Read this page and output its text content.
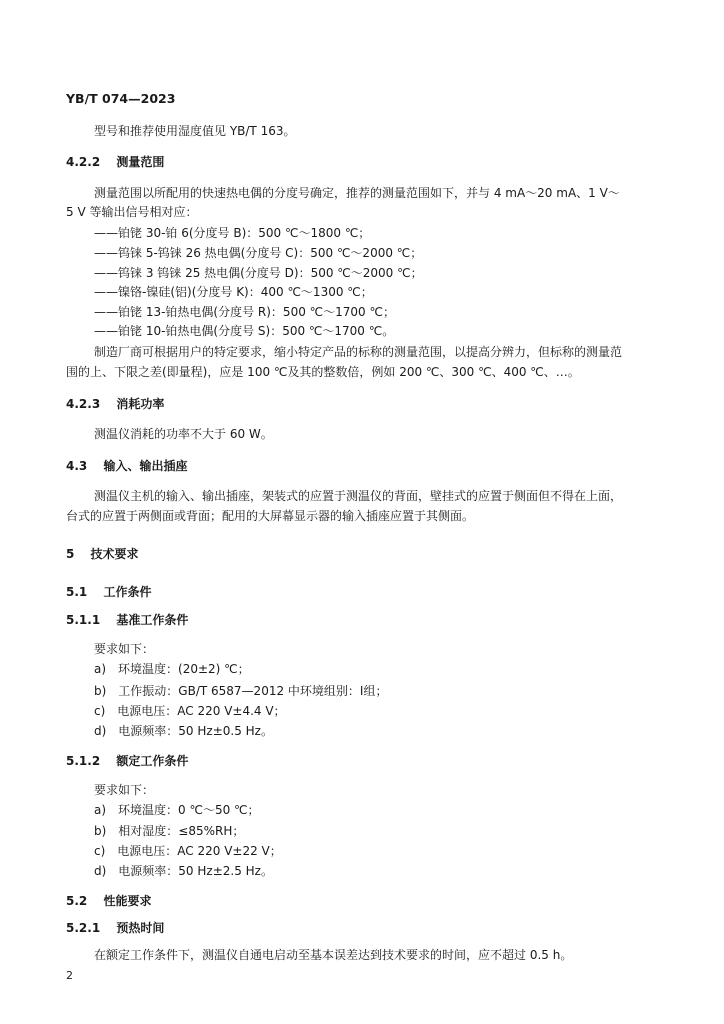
YB/T 074—2023
型号和推荐使用湿度值见 YB/T 163。
4.2.2 测量范围
测量范围以所配用的快速热电偶的分度号确定，推荐的测量范围如下，并与 4 mA～20 mA、1 V～
5 V 等输出信号相对应：
——铂铑 30-铂 6(分度号 B)：500 ℃～1800 ℃；
——钨铼 5-钨铼 26 热电偶(分度号 C)：500 ℃～2000 ℃；
——钨铼 3 钨铼 25 热电偶(分度号 D)：500 ℃～2000 ℃；
——镍铬-镍硅(铝)(分度号 K)：400 ℃～1300 ℃；
——铂铑 13-铂热电偶(分度号 R)：500 ℃～1700 ℃；
——铂铑 10-铂热电偶(分度号 S)：500 ℃～1700 ℃。
制造厂商可根据用户的特定要求，缩小特定产品的标称的测量范围，以提高分辨力，但标称的测量范
围的上、下限之差(即量程)，应是 100 ℃及其的整数倍，例如 200 ℃、300 ℃、400 ℃、…。
4.2.3 消耗功率
测温仪消耗的功率不大于 60 W。
4.3 输入、输出插座
测温仪主机的输入、输出插座，架装式的应置于测温仪的背面，壁挂式的应置于侧面但不得在上面，
台式的应置于两侧面或背面；配用的大屏幕显示器的输入插座应置于其侧面。
5 技术要求
5.1 工作条件
5.1.1 基准工作条件
要求如下：
a)　环境温度：(20±2) ℃；
b)　工作振动：GB/T 6587—2012 中环境组别：Ⅰ组；
c)　电源电压：AC 220 V±4.4 V；
d)　电源频率：50 Hz±0.5 Hz。
5.1.2 额定工作条件
要求如下：
a)　环境温度：0 ℃～50 ℃；
b)　相对湿度：≤85%RH；
c)　电源电压：AC 220 V±22 V；
d)　电源频率：50 Hz±2.5 Hz。
5.2 性能要求
5.2.1 预热时间
在额定工作条件下，测温仪自通电启动至基本误差达到技术要求的时间，应不超过 0.5 h。
2
